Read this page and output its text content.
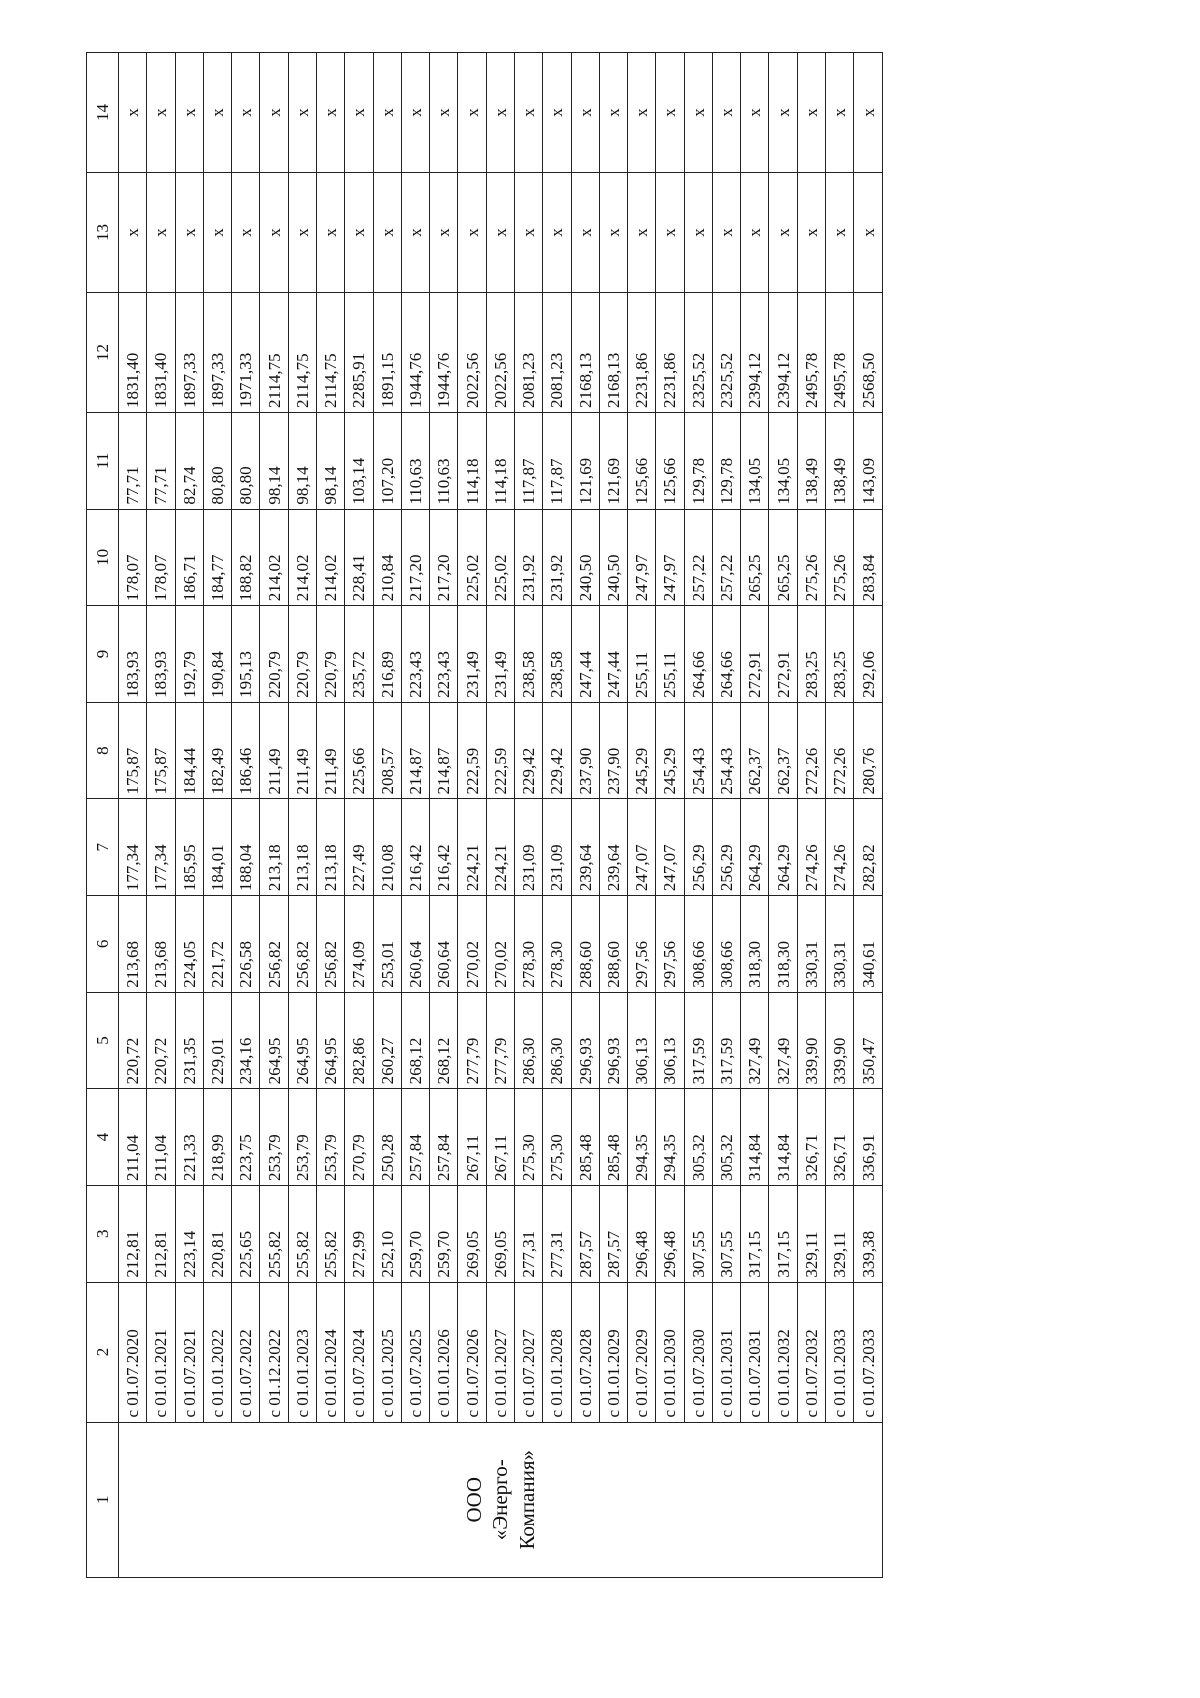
1	2	3	4	5	6	7	8	9	10	11	12	13	14

ООО «Энерго- Компания»	с 01.07.2020	212,81	211,04	220,72	213,68	177,34	175,87	183,93	178,07	77,71	1831,40	x	x
	с 01.01.2021	212,81	211,04	220,72	213,68	177,34	175,87	183,93	178,07	77,71	1831,40	x	x
	с 01.07.2021	223,14	221,33	231,35	224,05	185,95	184,44	192,79	186,71	82,74	1897,33	x	x
	с 01.01.2022	220,81	218,99	229,01	221,72	184,01	182,49	190,84	184,77	80,80	1897,33	x	x
	с 01.07.2022	225,65	223,75	234,16	226,58	188,04	186,46	195,13	188,82	80,80	1971,33	x	x
	с 01.12.2022	255,82	253,79	264,95	256,82	213,18	211,49	220,79	214,02	98,14	2114,75	x	x
	с 01.01.2023	255,82	253,79	264,95	256,82	213,18	211,49	220,79	214,02	98,14	2114,75	x	x
	с 01.01.2024	255,82	253,79	264,95	256,82	213,18	211,49	220,79	214,02	98,14	2114,75	x	x
	с 01.07.2024	272,99	270,79	282,86	274,09	227,49	225,66	235,72	228,41	103,14	2285,91	x	x
	с 01.01.2025	252,10	250,28	260,27	253,01	210,08	208,57	216,89	210,84	107,20	1891,15	x	x
	с 01.07.2025	259,70	257,84	268,12	260,64	216,42	214,87	223,43	217,20	110,63	1944,76	x	x
	с 01.01.2026	259,70	257,84	268,12	260,64	216,42	214,87	223,43	217,20	110,63	1944,76	x	x
	с 01.07.2026	269,05	267,11	277,79	270,02	224,21	222,59	231,49	225,02	114,18	2022,56	x	x
	с 01.01.2027	269,05	267,11	277,79	270,02	224,21	222,59	231,49	225,02	114,18	2022,56	x	x
	с 01.07.2027	277,31	275,30	286,30	278,30	231,09	229,42	238,58	231,92	117,87	2081,23	x	x
	с 01.01.2028	277,31	275,30	286,30	278,30	231,09	229,42	238,58	231,92	117,87	2081,23	x	x
	с 01.07.2028	287,57	285,48	296,93	288,60	239,64	237,90	247,44	240,50	121,69	2168,13	x	x
	с 01.01.2029	287,57	285,48	296,93	288,60	239,64	237,90	247,44	240,50	121,69	2168,13	x	x
	с 01.07.2029	296,48	294,35	306,13	297,56	247,07	245,29	255,11	247,97	125,66	2231,86	x	x
	с 01.01.2030	296,48	294,35	306,13	297,56	247,07	245,29	255,11	247,97	125,66	2231,86	x	x
	с 01.07.2030	307,55	305,32	317,59	308,66	256,29	254,43	264,66	257,22	129,78	2325,52	x	x
	с 01.01.2031	307,55	305,32	317,59	308,66	256,29	254,43	264,66	257,22	129,78	2325,52	x	x
	с 01.07.2031	317,15	314,84	327,49	318,30	264,29	262,37	272,91	265,25	134,05	2394,12	x	x
	с 01.01.2032	317,15	314,84	327,49	318,30	264,29	262,37	272,91	265,25	134,05	2394,12	x	x
	с 01.07.2032	329,11	326,71	339,90	330,31	274,26	272,26	283,25	275,26	138,49	2495,78	x	x
	с 01.01.2033	329,11	326,71	339,90	330,31	274,26	272,26	283,25	275,26	138,49	2495,78	x	x
	с 01.07.2033	339,38	336,91	350,47	340,61	282,82	280,76	292,06	283,84	143,09	2568,50	x	x
